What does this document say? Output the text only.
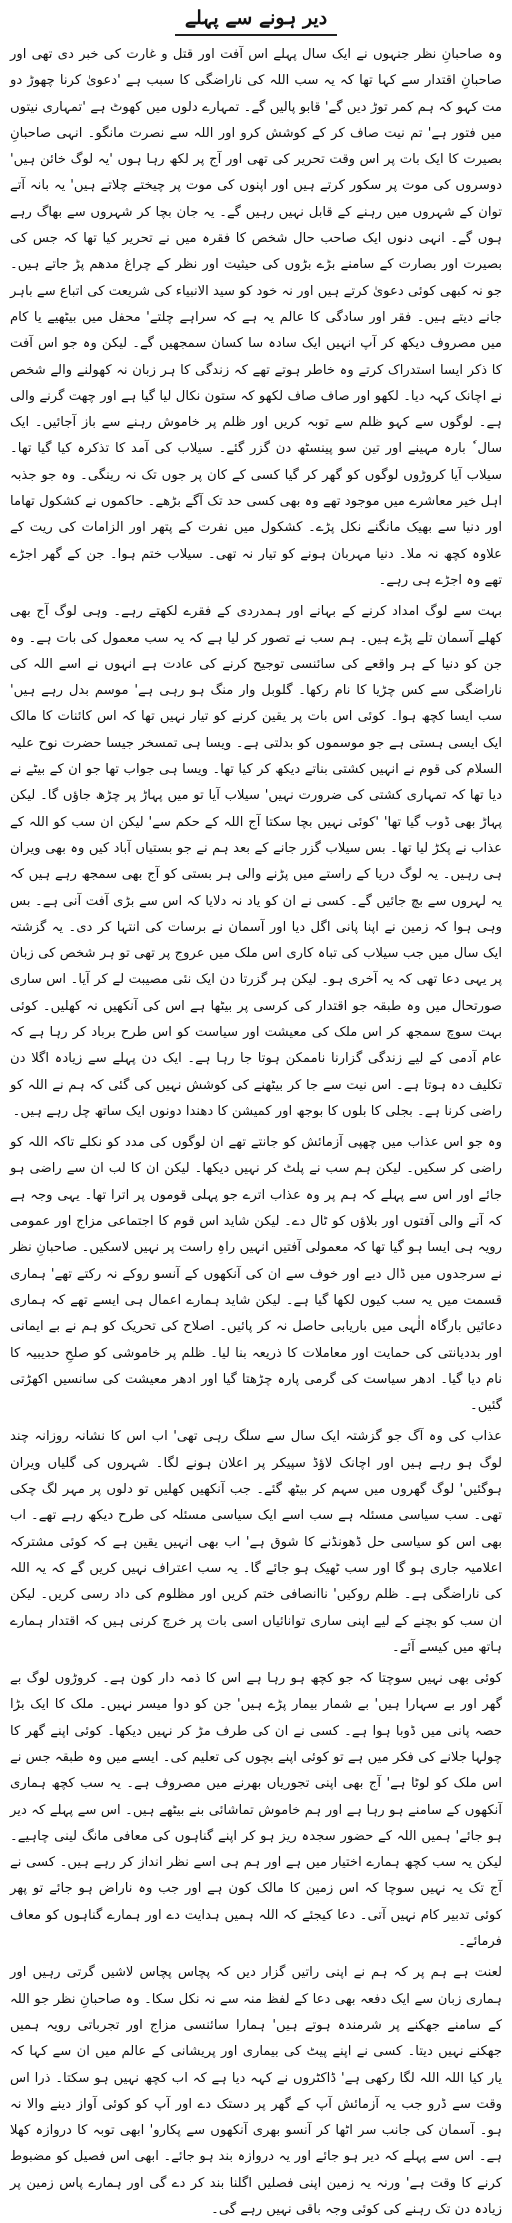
دیر ہونے سے پہلے

وہ صاحبانِ نظر جنہوں نے ایک سال پہلے اس آفت اور قتل و غارت کی خبر دی تھی اور صاحبانِ اقتدار سے کہا تھا کہ یہ سب اللہ کی ناراضگی کا سبب ہے 'دعویٰ کرنا چھوڑ دو مت کہو کہ ہم کمر توڑ دیں گے' قابو پالیں گے۔ تمہارے دلوں میں کھوٹ ہے 'تمہاری نیتوں میں فتور ہے' تم نیت صاف کر کے کوشش کرو اور اللہ سے نصرت مانگو۔ انہی صاحبانِ بصیرت کا ایک بات پر اس وقت تحریر کی تھی اور آج پر لکھ رہا ہوں 'یہ لوگ خائن ہیں' دوسروں کی موت پر سکور کرتے ہیں اور اپنوں کی موت پر چیختے چلاتے ہیں' یہ بانہ آتے توان کے شہروں میں رہنے کے قابل نہیں رہیں گے۔ یہ جان بچا کر شہروں سے بھاگ رہے ہوں گے۔ انہی دنوں ایک صاحب حال شخص کا فقرہ میں نے تحریر کیا تھا کہ جس کی بصیرت اور بصارت کے سامنے بڑے بڑوں کی حیثیت اور نظر کے چراغ مدھم پڑ جاتے ہیں۔ جو نہ کبھی کوئی دعویٰ کرتے ہیں اور نہ خود کو سید الانبیاء کی شریعت کی اتباع سے باہر جانے دیتے ہیں۔ فقر اور سادگی کا عالم یہ ہے کہ سراہے چلتے' محفل میں بیٹھیے یا کام میں مصروف دیکھ کر آپ انہیں ایک سادہ سا کسان سمجھیں گے۔ لیکن وہ جو اس آفت کا ذکر ایسا استدراک کرتے وہ خاطر ہوتے تھے کہ زندگی کا ہر زبان نہ کھولنے والے شخص نے اچانک کہہ دیا۔ لکھو اور صاف صاف لکھو کہ ستون نکال لیا گیا ہے اور چھت گرنے والی ہے۔ لوگوں سے کہو ظلم سے توبہ کریں اور ظلم پر خاموش رہنے سے باز آجائیں۔ ایک سال ٗ بارہ مہینے اور تین سو پینسٹھ دن گزر گئے۔ سیلاب کی آمد کا تذکرہ کیا گیا تھا۔ سیلاب آیا کروڑوں لوگوں کو گھر کر گیا کسی کے کان پر جوں تک نہ رینگی۔ وہ جو جذبہ اہل خیر معاشرے میں موجود تھے وہ بھی کسی حد تک آگے بڑھے۔ حاکموں نے کشکول تھاما اور دنیا سے بھیک مانگنے نکل پڑے۔ کشکول میں نفرت کے پتھر اور الزامات کی ریت کے علاوہ کچھ نہ ملا۔ دنیا مہربان ہونے کو تیار نہ تھی۔ سیلاب ختم ہوا۔ جن کے گھر اجڑے تھے وہ اجڑے ہی رہے۔

بہت سے لوگ امداد کرنے کے بہانے اور ہمدردی کے فقرے لکھتے رہے۔ وہی لوگ آج بھی کھلے آسمان تلے پڑے ہیں۔ ہم سب نے تصور کر لیا ہے کہ یہ سب معمول کی بات ہے۔ وہ جن کو دنیا کے ہر واقعے کی سائنسی توجیح کرنے کی عادت ہے انہوں نے اسے اللہ کی ناراضگی سے کس چڑیا کا نام رکھا۔ گلوبل وار منگ ہو رہی ہے' موسم بدل رہے ہیں' سب ایسا کچھ ہوا۔ کوئی اس بات پر یقین کرنے کو تیار نہیں تھا کہ اس کائنات کا مالک ایک ایسی ہستی ہے جو موسموں کو بدلتی ہے۔ ویسا ہی تمسخر جیسا حضرت نوح علیہ السلام کی قوم نے انہیں کشتی بناتے دیکھ کر کیا تھا۔ ویسا ہی جواب تھا جو ان کے بیٹے نے دیا تھا کہ تمہاری کشتی کی ضرورت نہیں' سیلاب آیا تو میں پہاڑ پر چڑھ جاؤں گا۔ لیکن پہاڑ بھی ڈوب گیا تھا' 'کوئی نہیں بچا سکتا آج اللہ کے حکم سے' لیکن ان سب کو اللہ کے عذاب نے پکڑ لیا تھا۔ بس سیلاب گزر جانے کے بعد ہم نے جو بستیاں آباد کیں وہ بھی ویران ہی رہیں۔ یہ لوگ دریا کے راستے میں پڑنے والی ہر بستی کو آج بھی سمجھ رہے ہیں کہ یہ لہروں سے بچ جائیں گے۔ کسی نے ان کو یاد نہ دلایا کہ اس سے بڑی آفت آنی ہے۔ بس وہی ہوا کہ زمین نے اپنا پانی اگل دیا اور آسمان نے برسات کی انتہا کر دی۔ یہ گزشتہ ایک سال میں جب سیلاب کی تباہ کاری اس ملک میں عروج پر تھی تو ہر شخص کی زبان پر یہی دعا تھی کہ یہ آخری ہو۔ لیکن ہر گزرتا دن ایک نئی مصیبت لے کر آیا۔ اس ساری صورتحال میں وہ طبقہ جو اقتدار کی کرسی پر بیٹھا ہے اس کی آنکھیں نہ کھلیں۔ کوئی بہت سوچ سمجھ کر اس ملک کی معیشت اور سیاست کو اس طرح برباد کر رہا ہے کہ عام آدمی کے لیے زندگی گزارنا ناممکن ہوتا جا رہا ہے۔ ایک دن پہلے سے زیادہ اگلا دن تکلیف دہ ہوتا ہے۔ اس نیت سے جا کر بیٹھنے کی کوشش نہیں کی گئی کہ ہم نے اللہ کو راضی کرنا ہے۔ بجلی کا بلوں کا بوجھ اور کمیشن کا دھندا دونوں ایک ساتھ چل رہے ہیں۔

وہ جو اس عذاب میں چھپی آزمائش کو جانتے تھے ان لوگوں کی مدد کو نکلے تاکہ اللہ کو راضی کر سکیں۔ لیکن ہم سب نے پلٹ کر نہیں دیکھا۔ لیکن ان کا لب ان سے راضی ہو جائے اور اس سے پہلے کہ ہم پر وہ عذاب اترے جو پہلی قوموں پر اترا تھا۔ یہی وجہ ہے کہ آنے والی آفتوں اور بلاؤں کو ٹال دے۔ لیکن شاید اس قوم کا اجتماعی مزاج اور عمومی رویہ ہی ایسا ہو گیا تھا کہ معمولی آفتیں انہیں راہِ راست پر نہیں لاسکیں۔ صاحبانِ نظر نے سرجدوں میں ڈال دیے اور خوف سے ان کی آنکھوں کے آنسو روکے نہ رکتے تھے' ہماری قسمت میں یہ سب کیوں لکھا گیا ہے۔ لیکن شاید ہمارے اعمال ہی ایسے تھے کہ ہماری دعائیں بارگاہ الٰہی میں باریابی حاصل نہ کر پائیں۔ اصلاح کی تحریک کو ہم نے بے ایمانی اور بددیانتی کی حمایت اور معاملات کا ذریعہ بنا لیا۔ ظلم پر خاموشی کو صلحِ حدیبیہ کا نام دیا گیا۔ ادھر سیاست کی گرمی پارہ چڑھتا گیا اور ادھر معیشت کی سانسیں اکھڑتی گئیں۔

عذاب کی وہ آگ جو گزشتہ ایک سال سے سلگ رہی تھی' اب اس کا نشانہ روزانہ چند لوگ ہو رہے ہیں اور اچانک لاؤڈ سپیکر پر اعلان ہونے لگا۔ شہروں کی گلیاں ویران ہوگئیں' لوگ گھروں میں سہم کر بیٹھ گئے۔ جب آنکھیں کھلیں تو دلوں پر مہر لگ چکی تھی۔ سب سیاسی مسئلہ ہے سب اسے ایک سیاسی مسئلہ کی طرح دیکھ رہے تھے۔ اب بھی اس کو سیاسی حل ڈھونڈنے کا شوق ہے' اب بھی انہیں یقین ہے کہ کوئی مشترکہ اعلامیہ جاری ہو گا اور سب ٹھیک ہو جائے گا۔ یہ سب اعتراف نہیں کریں گے کہ یہ اللہ کی ناراضگی ہے۔ ظلم روکیں' ناانصافی ختم کریں اور مظلوم کی داد رسی کریں۔ لیکن ان سب کو بچنے کے لیے اپنی ساری توانائیاں اسی بات پر خرچ کرنی ہیں کہ اقتدار ہمارے ہاتھ میں کیسے آئے۔

کوئی بھی نہیں سوچتا کہ جو کچھ ہو رہا ہے اس کا ذمہ دار کون ہے۔ کروڑوں لوگ بے گھر اور بے سہارا ہیں' بے شمار بیمار پڑے ہیں' جن کو دوا میسر نہیں۔ ملک کا ایک بڑا حصہ پانی میں ڈوبا ہوا ہے۔ کسی نے ان کی طرف مڑ کر نہیں دیکھا۔ کوئی اپنے گھر کا چولہا جلانے کی فکر میں ہے تو کوئی اپنے بچوں کی تعلیم کی۔ ایسے میں وہ طبقہ جس نے اس ملک کو لوٹا ہے' آج بھی اپنی تجوریاں بھرنے میں مصروف ہے۔ یہ سب کچھ ہماری آنکھوں کے سامنے ہو رہا ہے اور ہم خاموش تماشائی بنے بیٹھے ہیں۔ اس سے پہلے کہ دیر ہو جائے' ہمیں اللہ کے حضور سجدہ ریز ہو کر اپنے گناہوں کی معافی مانگ لینی چاہیے۔ لیکن یہ سب کچھ ہمارے اختیار میں ہے اور ہم ہی اسے نظر انداز کر رہے ہیں۔ کسی نے آج تک یہ نہیں سوچا کہ اس زمین کا مالک کون ہے اور جب وہ ناراض ہو جائے تو پھر کوئی تدبیر کام نہیں آتی۔ دعا کیجئے کہ اللہ ہمیں ہدایت دے اور ہمارے گناہوں کو معاف فرمائے۔

لعنت ہے ہم پر کہ ہم نے اپنی راتیں گزار دیں کہ پچاس پچاس لاشیں گرتی رہیں اور ہماری زبان سے ایک دفعہ بھی دعا کے لفظ منہ سے نہ نکل سکا۔ وہ صاحبانِ نظر جو اللہ کے سامنے جھکنے پر شرمندہ ہوتے ہیں' ہمارا سائنسی مزاج اور تجرباتی رویہ ہمیں جھکنے نہیں دیتا۔ کسی نے اپنے پیٹ کی بیماری اور پریشانی کے عالم میں ان سے کہا کہ یار کیا اللہ اللہ لگا رکھی ہے' ڈاکٹروں نے کہہ دیا ہے کہ اب کچھ نہیں ہو سکتا۔ ذرا اس وقت سے ڈرو جب یہ آزمائش آپ کے گھر پر دستک دے اور آپ کو کوئی آواز دینے والا نہ ہو۔ آسمان کی جانب سر اٹھا کر آنسو بھری آنکھوں سے پکارو' ابھی توبہ کا دروازہ کھلا ہے۔ اس سے پہلے کہ دیر ہو جائے اور یہ دروازہ بند ہو جائے۔ ابھی اس فصیل کو مضبوط کرنے کا وقت ہے' ورنہ یہ زمین اپنی فصلیں اگلنا بند کر دے گی اور ہمارے پاس زمین پر زیادہ دن تک رہنے کی کوئی وجہ باقی نہیں رہے گی۔
